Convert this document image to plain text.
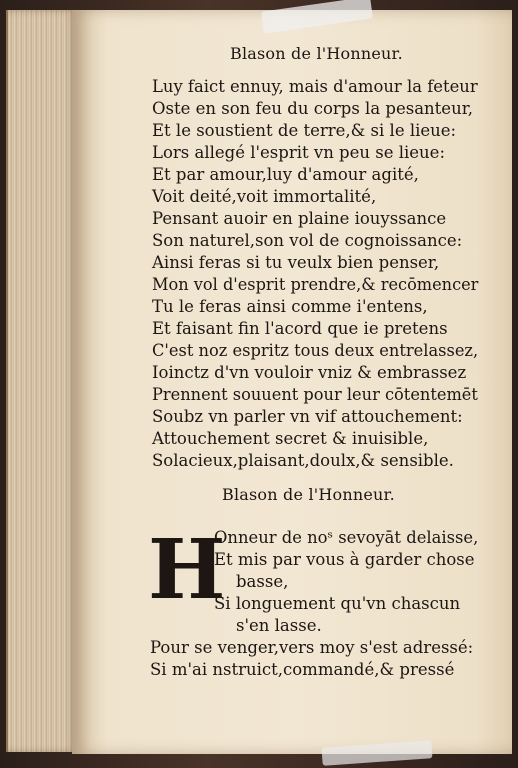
Blason de l'Honneur.
Luy faict ennuy, mais d'amour la feteur
Oste en son feu du corps la pesanteur,
Et le soustient de terre,& si le lieue:
Lors allegé l'esprit vn peu se lieue:
Et par amour,luy d'amour agité,
Voit deité,voit immortalité,
Pensant auoir en plaine iouyssance
Son naturel,son vol de cognoissance:
Ainsi feras si tu veulx bien penser,
Mon vol d'esprit prendre,& recōmencer
Tu le feras ainsi comme i'entens,
Et faisant fin l'acord que ie pretens
C'est noz espritz tous deux entrelassez,
Ioinctz d'vn vouloir vniz & embrassez
Prennent souuent pour leur cōtentemēt
Soubz vn parler vn vif attouchement:
Attouchement secret & inuisible,
Solacieux,plaisant,doulx,& sensible.
Blason de l'Honneur.
H
Onneur de noˢ sevoyāt delaisse,
Et mis par vous à garder chose
basse,
Si longuement qu'vn chascun
s'en lasse.
Pour se venger,vers moy s'est adressé:
Si m'ai nstruict,commandé,& pressé
